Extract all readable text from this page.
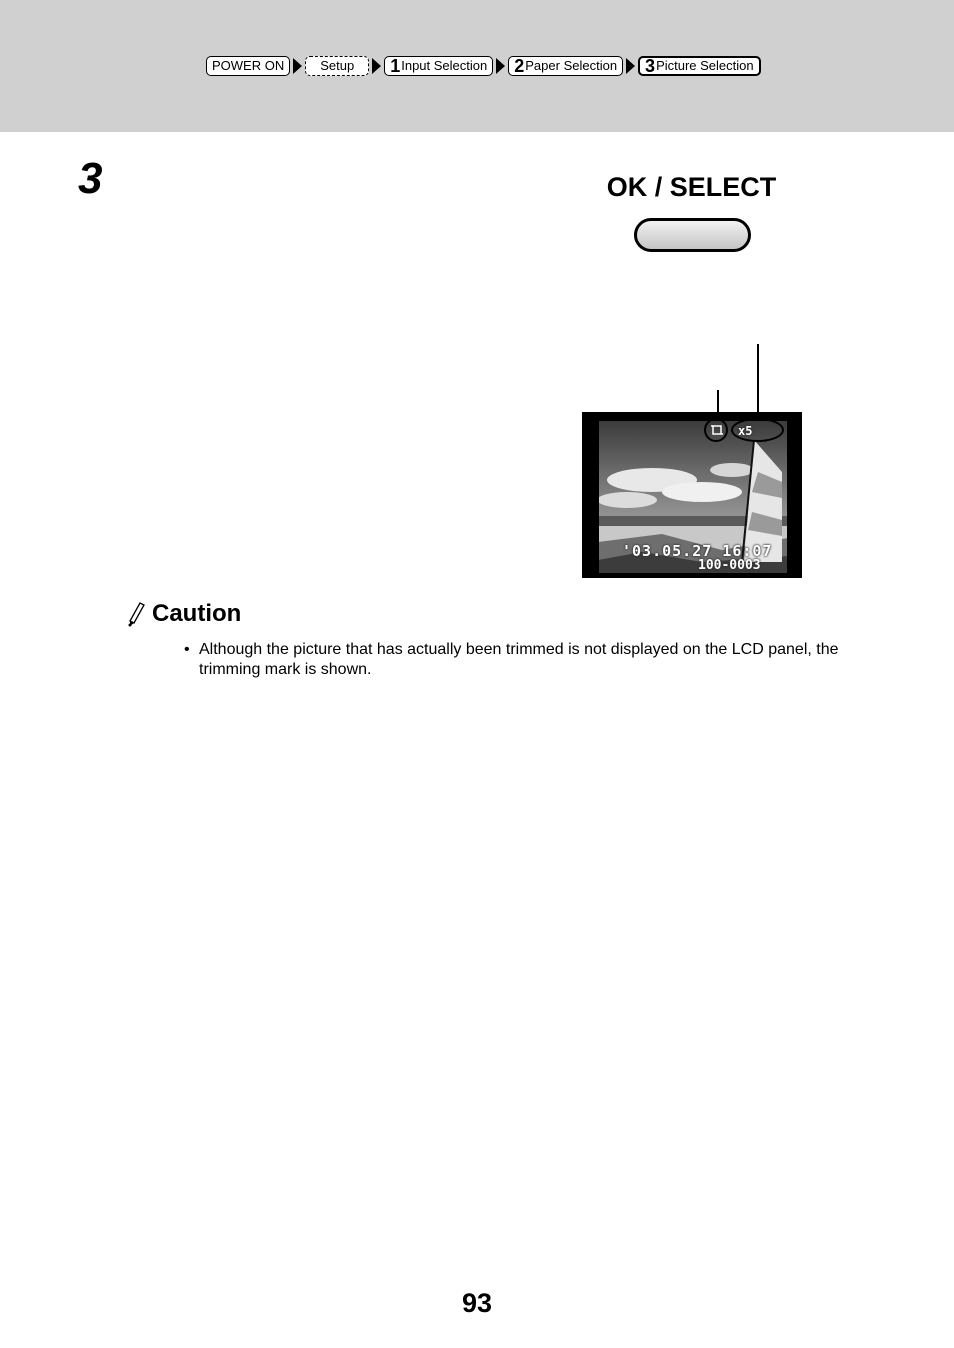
POWER ON	Setup 1 Input Selection 2 Paper Selection 3 Picture Selection
3	OK / SELECT
'03.05.27 16:07
100-0003
x5
Caution
• Although the picture that has actually been trimmed is not displayed on the LCD panel, the trimming mark is shown.
93
